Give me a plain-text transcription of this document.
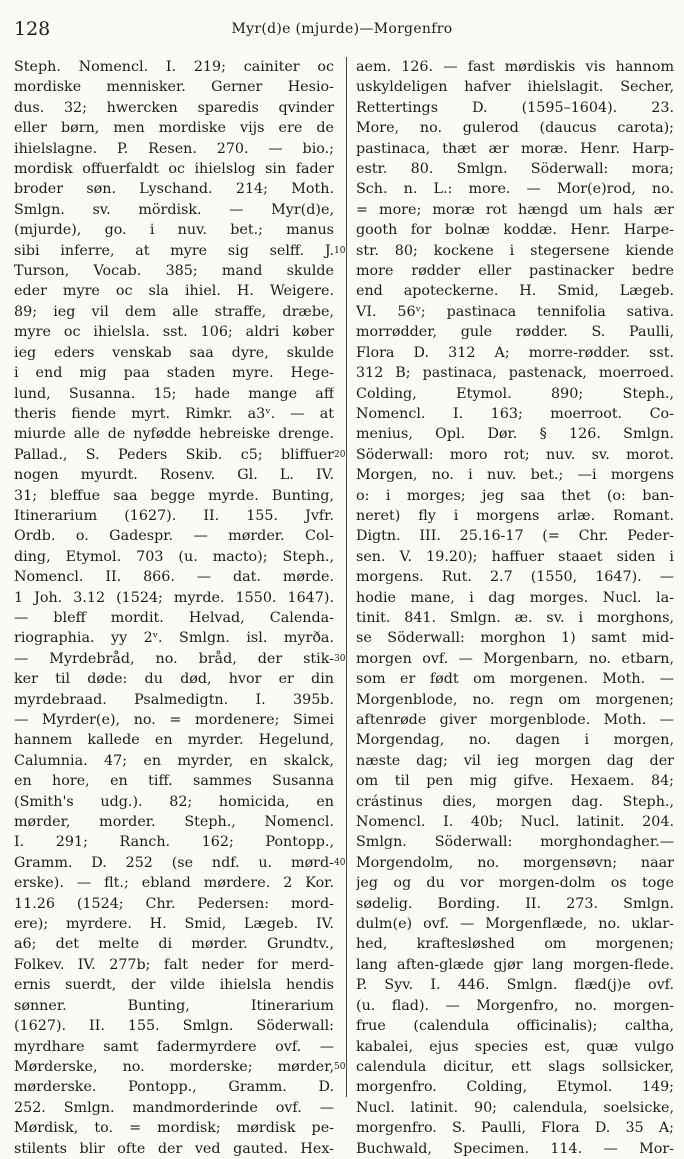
128	Myr(d)e (mjurde)—Morgenfro
Steph. Nomencl. I. 219; cainiter oc
mordiske mennisker. Gerner Hesio-
dus. 32; hwercken sparedis qvinder
eller børn, men mordiske vijs ere de
ihielslagne. P. Resen. 270. — bio.;
mordisk offuerfaldt oc ihielslog sin fader
broder søn. Lyschand. 214; Moth.
Smlgn. sv. mördisk. — Myr(d)e,
(mjurde), go. i nuv. bet.; manus
sibi inferre, at myre sig selff. J.
Turson, Vocab. 385; mand skulde
eder myre oc sla ihiel. H. Weigere.
89; ieg vil dem alle straffe, dræbe,
myre oc ihielsla. sst. 106; aldri køber
ieg eders venskab saa dyre, skulde
i end mig paa staden myre. Hege-
lund, Susanna. 15; hade mange aff
theris fiende myrt. Rimkr. a3ᵛ. — at
miurde alle de nyfødde hebreiske drenge.
Pallad., S. Peders Skib. c5; bliffuer
nogen myurdt. Rosenv. Gl. L. IV.
31; bleffue saa begge myrde. Bunting,
Itinerarium (1627). II. 155. Jvfr.
Ordb. o. Gadespr. — mørder. Col-
ding, Etymol. 703 (u. macto); Steph.,
Nomencl. II. 866. — dat. mørde.
1 Joh. 3.12 (1524; myrde. 1550. 1647).
— bleff mordit. Helvad, Calenda-
riographia. yy 2ᵛ. Smlgn. isl. myrða.
— Myrdebråd, no. bråd, der stik-
ker til døde: du død, hvor er din
myrdebraad. Psalmedigtn. I. 395b.
— Myrder(e), no. = mordenere; Simei
hannem kallede en myrder. Hegelund,
Calumnia. 47; en myrder, en skalck,
en hore, en tiff. sammes Susanna
(Smith's udg.). 82; homicida, en
mørder, morder. Steph., Nomencl.
I. 291; Ranch. 162; Pontopp.,
Gramm. D. 252 (se ndf. u. mørd-
erske). — flt.; ebland mørdere. 2 Kor.
11.26 (1524; Chr. Pedersen: mord-
ere); myrdere. H. Smid, Lægeb. IV.
a6; det melte di mørder. Grundtv.,
Folkev. IV. 277b; falt neder for merd-
ernis suerdt, der vilde ihielsla hendis
sønner. Bunting, Itinerarium
(1627). II. 155. Smlgn. Söderwall:
myrdhare samt fadermyrdere ovf. —
Mørderske, no. morderske; mørder,
mørderske. Pontopp., Gramm. D.
252. Smlgn. mandmorderinde ovf. —
Mørdisk, to. = mordisk; mørdisk pe-
stilents blir ofte der ved gauted. Hex-
10
20
30
40
50
aem. 126. — fast mørdiskis vis hannom
uskyldeligen hafver ihielslagit. Secher,
Rettertings D. (1595–1604). 23.
More, no. gulerod (daucus carota);
pastinaca, thæt ær moræ. Henr. Harp-
estr. 80. Smlgn. Söderwall: mora;
Sch. n. L.: more. — Mor(e)rod, no.
= more; moræ rot hængd um hals ær
gooth for bolnæ koddæ. Henr. Harpe-
str. 80; kockene i stegersene kiende
more rødder eller pastinacker bedre
end apoteckerne. H. Smid, Lægeb.
VI. 56ᵛ; pastinaca tennifolia sativa.
morrødder, gule rødder. S. Paulli,
Flora D. 312 A; morre-rødder. sst.
312 B; pastinaca, pastenack, moerroed.
Colding, Etymol. 890; Steph.,
Nomencl. I. 163; moerroot. Co-
menius, Opl. Dør. § 126. Smlgn.
Söderwall: moro rot; nuv. sv. morot.
Morgen, no. i nuv. bet.; —i morgens
o: i morges; jeg saa thet (o: ban-
neret) fly i morgens arlæ. Romant.
Digtn. III. 25.16-17 (= Chr. Peder-
sen. V. 19.20); haffuer staaet siden i
morgens. Rut. 2.7 (1550, 1647). —
hodie mane, i dag morges. Nucl. la-
tinit. 841. Smlgn. æ. sv. i morghons,
se Söderwall: morghon 1) samt mid-
morgen ovf. — Morgenbarn, no. etbarn,
som er født om morgenen. Moth. —
Morgenblode, no. regn om morgenen;
aftenrøde giver morgenblode. Moth. —
Morgendag, no. dagen i morgen,
næste dag; vil ieg morgen dag der
om til pen mig gifve. Hexaem. 84;
crástinus dies, morgen dag. Steph.,
Nomencl. I. 40b; Nucl. latinit. 204.
Smlgn. Söderwall: morghondagher.—
Morgendolm, no. morgensøvn; naar
jeg og du vor morgen-dolm os toge
sødelig. Bording. II. 273. Smlgn.
dulm(e) ovf. — Morgenflæde, no. uklar-
hed, kraftesløshed om morgenen;
lang aften-glæde gjør lang morgen-flede.
P. Syv. I. 446. Smlgn. flæd(j)e ovf.
(u. flad). — Morgenfro, no. morgen-
frue (calendula officinalis); caltha,
kabalei, ejus species est, quæ vulgo
calendula dicitur, ett slags sollsicker,
morgenfro. Colding, Etymol. 149;
Nucl. latinit. 90; calendula, soelsicke,
morgenfro. S. Paulli, Flora D. 35 A;
Buchwald, Specimen. 114. — Mor-
